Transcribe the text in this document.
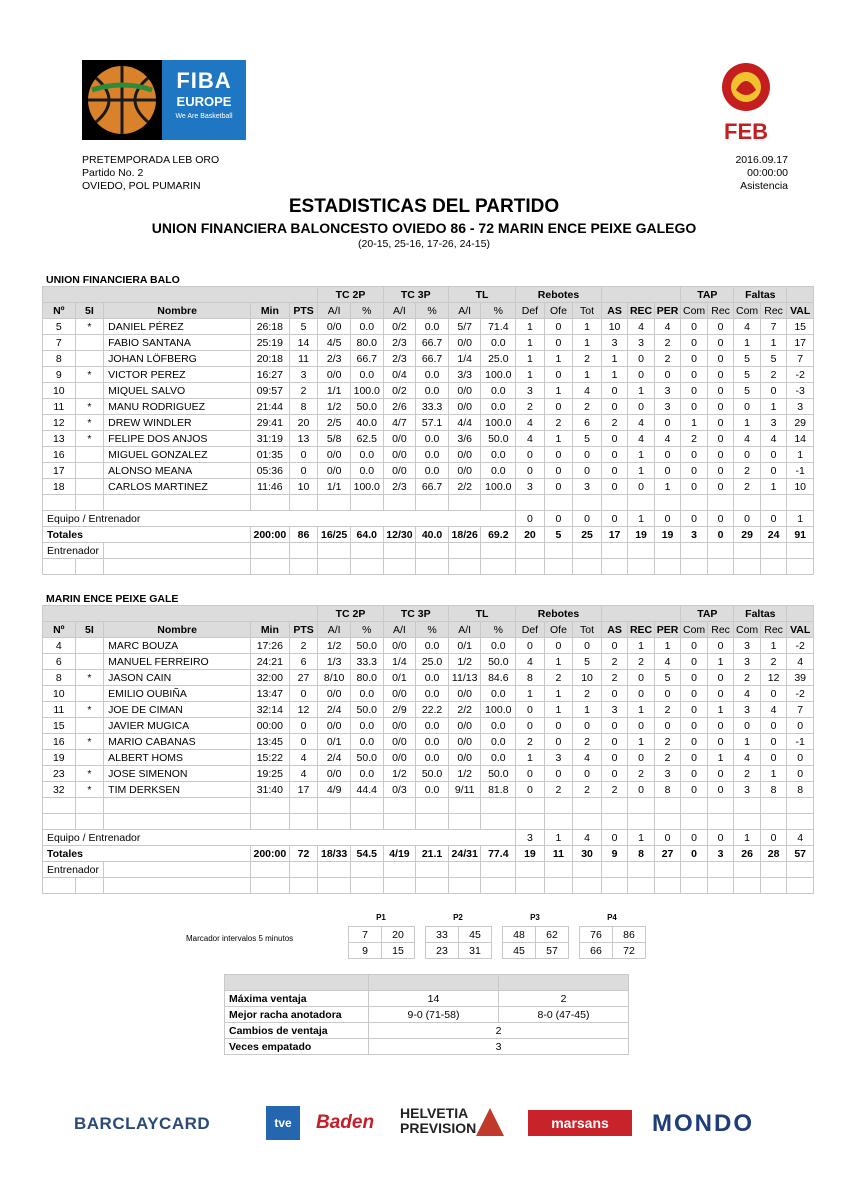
FIBA
EUROPE
We Are Basketball
FEB
PRETEMPORADA LEB ORO
Partido No. 2
OVIEDO, POL PUMARIN
2016.09.17
00:00:00
Asistencia
ESTADISTICAS DEL PARTIDO
UNION FINANCIERA BALONCESTO OVIEDO 86 - 72 MARIN ENCE PEIXE GALEGO
(20-15, 25-16, 17-26, 24-15)
UNION FINANCIERA BALO
					TC 2P		TC 3P		TL		Rebotes						TAP		Faltas		
Nº	5I	Nombre	Min	PTS	A/I	%	A/I	%	A/I	%	Def	Ofe	Tot	AS	REC	PER	Com	Rec	Com	Rec	VAL
5	*	DANIEL PÉREZ	26:18	5	0/0	0.0	0/2	0.0	5/7	71.4	1	0	1	10	4	4	0	0	4	7	15
7		FABIO SANTANA	25:19	14	4/5	80.0	2/3	66.7	0/0	0.0	1	0	1	3	3	2	0	0	1	1	17
8		JOHAN LÖFBERG	20:18	11	2/3	66.7	2/3	66.7	1/4	25.0	1	1	2	1	0	2	0	0	5	5	7
9	*	VICTOR PEREZ	16:27	3	0/0	0.0	0/4	0.0	3/3	100.0	1	0	1	1	0	0	0	0	5	2	-2
10		MIQUEL SALVO	09:57	2	1/1	100.0	0/2	0.0	0/0	0.0	3	1	4	0	1	3	0	0	5	0	-3
11	*	MANU RODRIGUEZ	21:44	8	1/2	50.0	2/6	33.3	0/0	0.0	2	0	2	0	0	3	0	0	0	1	3
12	*	DREW WINDLER	29:41	20	2/5	40.0	4/7	57.1	4/4	100.0	4	2	6	2	4	0	1	0	1	3	29
13	*	FELIPE DOS ANJOS	31:19	13	5/8	62.5	0/0	0.0	3/6	50.0	4	1	5	0	4	4	2	0	4	4	14
16		MIGUEL GONZALEZ	01:35	0	0/0	0.0	0/0	0.0	0/0	0.0	0	0	0	0	1	0	0	0	0	0	1
17		ALONSO MEANA	05:36	0	0/0	0.0	0/0	0.0	0/0	0.0	0	0	0	0	1	0	0	0	2	0	-1
18		CARLOS MARTINEZ	11:46	10	1/1	100.0	2/3	66.7	2/2	100.0	3	0	3	0	0	1	0	0	2	1	10

Equipo / Entrenador											0	0	0	0	1	0	0	0	0	0	1
Totales			200:00	86	16/25	64.0	12/30	40.0	18/26	69.2	20	5	25	17	19	19	3	0	29	24	91
Entrenador																					

MARIN ENCE PEIXE GALE
					TC 2P		TC 3P		TL		Rebotes						TAP		Faltas		
Nº	5I	Nombre	Min	PTS	A/I	%	A/I	%	A/I	%	Def	Ofe	Tot	AS	REC	PER	Com	Rec	Com	Rec	VAL
4		MARC BOUZA	17:26	2	1/2	50.0	0/0	0.0	0/1	0.0	0	0	0	0	1	1	0	0	3	1	-2
6		MANUEL FERREIRO	24:21	6	1/3	33.3	1/4	25.0	1/2	50.0	4	1	5	2	2	4	0	1	3	2	4
8	*	JASON CAIN	32:00	27	8/10	80.0	0/1	0.0	11/13	84.6	8	2	10	2	0	5	0	0	2	12	39
10		EMILIO OUBIÑA	13:47	0	0/0	0.0	0/0	0.0	0/0	0.0	1	1	2	0	0	0	0	0	4	0	-2
11	*	JOE DE CIMAN	32:14	12	2/4	50.0	2/9	22.2	2/2	100.0	0	1	1	3	1	2	0	1	3	4	7
15		JAVIER MUGICA	00:00	0	0/0	0.0	0/0	0.0	0/0	0.0	0	0	0	0	0	0	0	0	0	0	0
16	*	MARIO CABANAS	13:45	0	0/1	0.0	0/0	0.0	0/0	0.0	2	0	2	0	1	2	0	0	1	0	-1
19		ALBERT HOMS	15:22	4	2/4	50.0	0/0	0.0	0/0	0.0	1	3	4	0	0	2	0	1	4	0	0
23	*	JOSE SIMENON	19:25	4	0/0	0.0	1/2	50.0	1/2	50.0	0	0	0	0	2	3	0	0	2	1	0
32	*	TIM DERKSEN	31:40	17	4/9	44.4	0/3	0.0	9/11	81.8	0	2	2	2	0	8	0	0	3	8	8

Equipo / Entrenador											3	1	4	0	1	0	0	0	1	0	4
Totales			200:00	72	18/33	54.5	4/19	21.1	24/31	77.4	19	11	30	9	8	27	0	3	26	28	57
Entrenador																					

Marcador intervalos 5 minutos
P1
7	20
9	15
P2
33	45
23	31
P3
48	62
45	57
P4
76	86
66	72

Máxima ventaja	14	2
Mejor racha anotadora	9-0 (71-58)	8-0 (47-45)
Cambios de ventaja	2	
Veces empatado	3	
BARCLAYCARD	tve	Baden HELVETIA
PREVISION	marsans	MONDO
